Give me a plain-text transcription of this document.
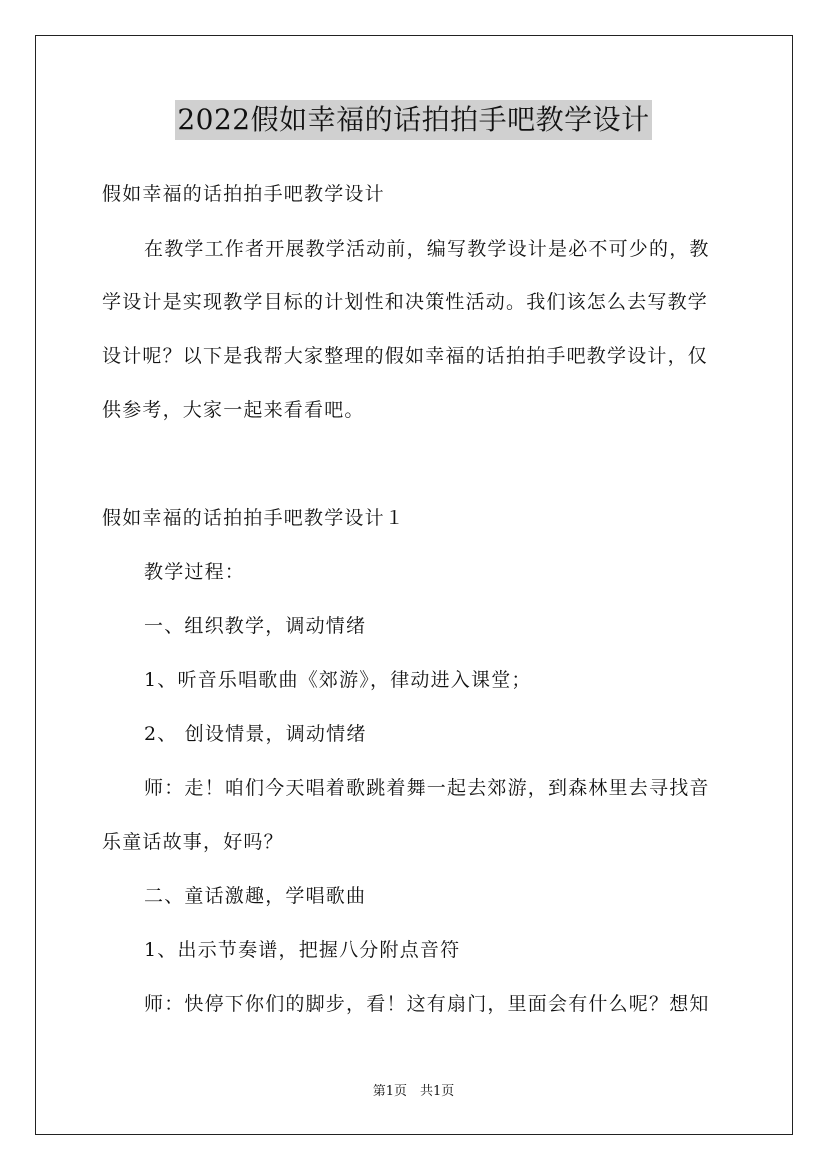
2022假如幸福的话拍拍手吧教学设计
假如幸福的话拍拍手吧教学设计
在教学工作者开展教学活动前，编写教学设计是必不可少的，教
学设计是实现教学目标的计划性和决策性活动。我们该怎么去写教学
设计呢？以下是我帮大家整理的假如幸福的话拍拍手吧教学设计，仅
供参考，大家一起来看看吧。
假如幸福的话拍拍手吧教学设计１
教学过程：
一、组织教学，调动情绪
1、听音乐唱歌曲《郊游》，律动进入课堂；
2、 创设情景，调动情绪
师：走！咱们今天唱着歌跳着舞一起去郊游，到森林里去寻找音
乐童话故事，好吗？
二、童话激趣，学唱歌曲
1、出示节奏谱，把握八分附点音符
师：快停下你们的脚步，看！这有扇门，里面会有什么呢？想知
第1页　共1页
